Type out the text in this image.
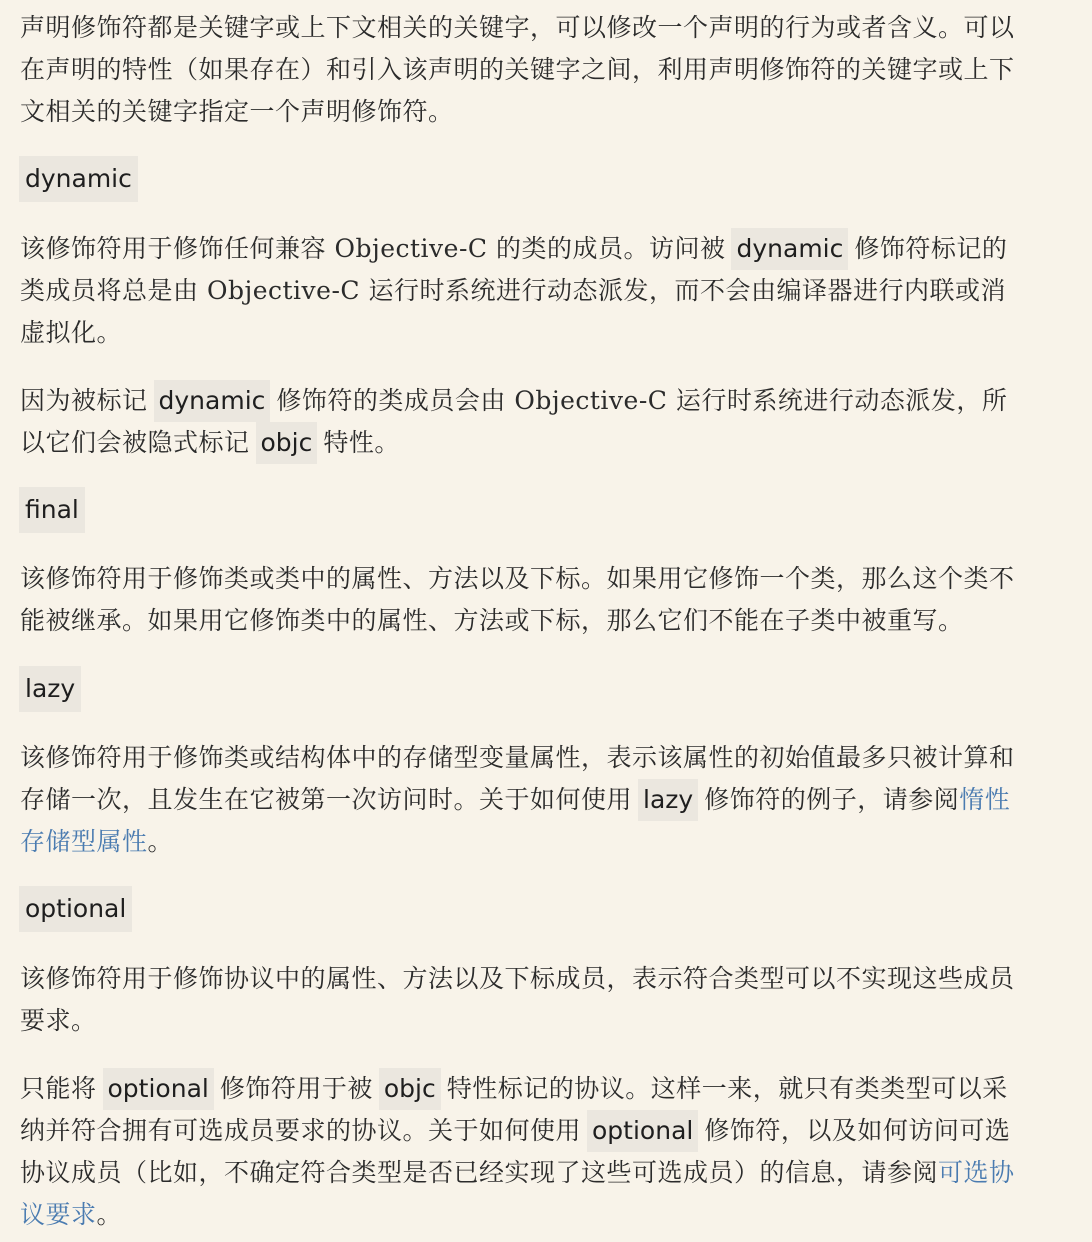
声明修饰符都是关键字或上下文相关的关键字，可以修改一个声明的行为或者含义。可以在声明的特性（如果存在）和引入该声明的关键字之间，利用声明修饰符的关键字或上下文相关的关键字指定一个声明修饰符。

dynamic

该修饰符用于修饰任何兼容 Objective-C 的类的成员。访问被 dynamic 修饰符标记的类成员将总是由 Objective-C 运行时系统进行动态派发，而不会由编译器进行内联或消虚拟化。

因为被标记 dynamic 修饰符的类成员会由 Objective-C 运行时系统进行动态派发，所以它们会被隐式标记 objc 特性。

final

该修饰符用于修饰类或类中的属性、方法以及下标。如果用它修饰一个类，那么这个类不能被继承。如果用它修饰类中的属性、方法或下标，那么它们不能在子类中被重写。

lazy

该修饰符用于修饰类或结构体中的存储型变量属性，表示该属性的初始值最多只被计算和存储一次，且发生在它被第一次访问时。关于如何使用 lazy 修饰符的例子，请参阅惰性存储型属性。

optional

该修饰符用于修饰协议中的属性、方法以及下标成员，表示符合类型可以不实现这些成员要求。

只能将 optional 修饰符用于被 objc 特性标记的协议。这样一来，就只有类类型可以采纳并符合拥有可选成员要求的协议。关于如何使用 optional 修饰符，以及如何访问可选协议成员（比如，不确定符合类型是否已经实现了这些可选成员）的信息，请参阅可选协议要求。
